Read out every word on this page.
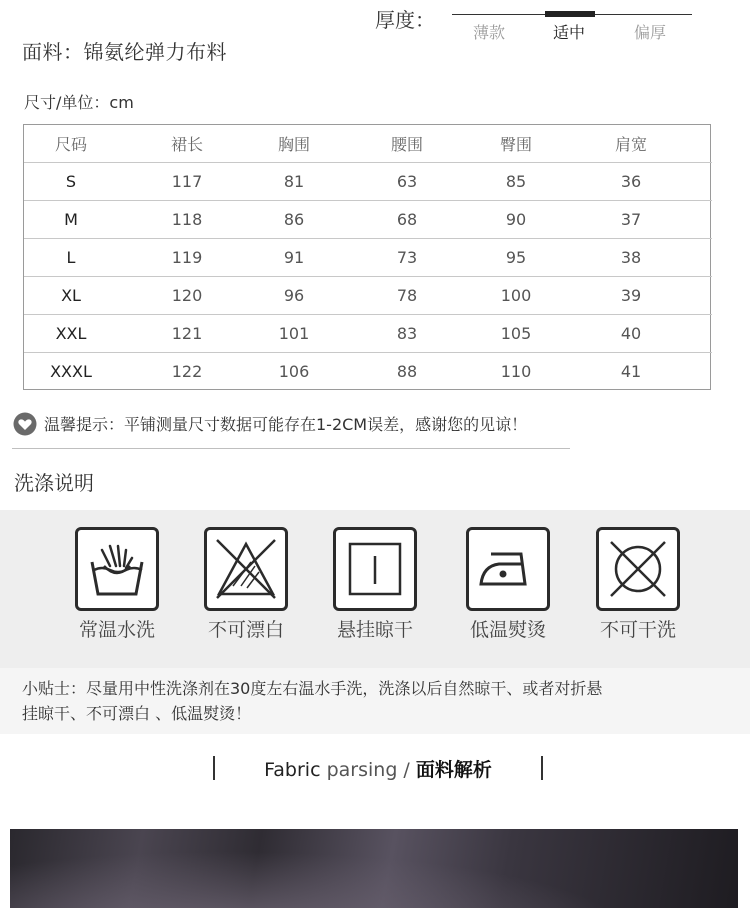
厚度：
薄款	适中	偏厚
面料：锦氨纶弹力布料
尺寸/单位：cm
尺码	裙长	胸围	腰围	臀围	肩宽
S	117	81	63	85	36
M	118	86	68	90	37
L	119	91	73	95	38
XL	120	96	78	100	39
XXL	121	101	83	105	40
XXXL	122	106	88	110	41
温馨提示：平铺测量尺寸数据可能存在1-2CM误差，感谢您的见谅！
洗涤说明
常温水洗	不可漂白	悬挂晾干	低温熨烫	不可干洗
小贴士：尽量用中性洗涤剂在30度左右温水手洗，洗涤以后自然晾干、或者对折悬
挂晾干、不可漂白 、低温熨烫！
Fabric parsing / 面料解析
